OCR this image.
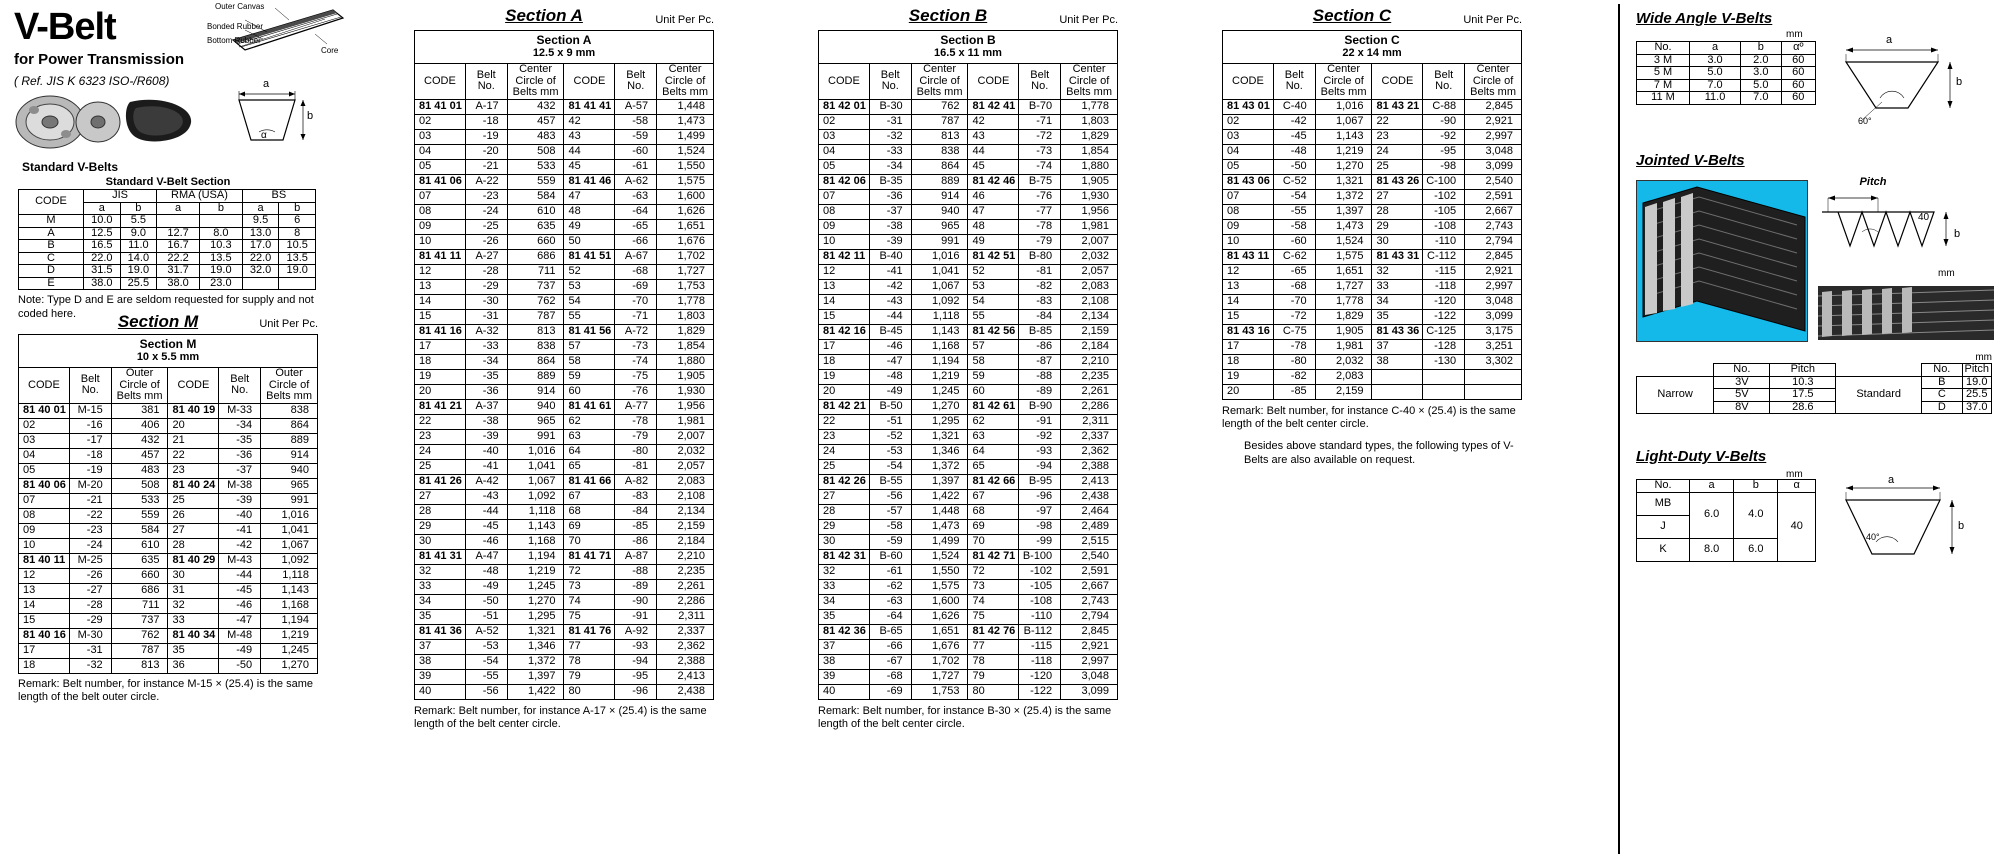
V-Belt
for Power Transmission
( Ref. JIS K 6323 ISO-/R608)
Outer Canvas
Bonded Rubber
Bottom Rubber
Core
a
b
α
Standard V-Belts
Standard V-Belt Section
CODE	JIS		RMA (USA)		BS	
	a	b	a	b	a	b
M	10.0	5.5			9.5	6
A	12.5	9.0	12.7	8.0	13.0	8
B	16.5	11.0	16.7	10.3	17.0	10.5
C	22.0	14.0	22.2	13.5	22.0	13.5
D	31.5	19.0	31.7	19.0	32.0	19.0
E	38.0	25.5	38.0	23.0		
Note: Type D and E are seldom requested for supply and not coded here.	Section M	Unit Per Pc.
Section M					
10 x 5.5 mm					
CODE	Belt No.	Outer Circle of Belts mm	CODE	Belt No.	Outer Circle of Belts mm
81 40 01	M-15	381	81 40 19	M-33	838
02	-16	406	20	-34	864
03	-17	432	21	-35	889
04	-18	457	22	-36	914
05	-19	483	23	-37	940
81 40 06	M-20	508	81 40 24	M-38	965
07	-21	533	25	-39	991
08	-22	559	26	-40	1,016
09	-23	584	27	-41	1,041
10	-24	610	28	-42	1,067
81 40 11	M-25	635	81 40 29	M-43	1,092
12	-26	660	30	-44	1,118
13	-27	686	31	-45	1,143
14	-28	711	32	-46	1,168
15	-29	737	33	-47	1,194
81 40 16	M-30	762	81 40 34	M-48	1,219
17	-31	787	35	-49	1,245
18	-32	813	36	-50	1,270
Remark: Belt number, for instance M-15 × (25.4) is the same length of the belt outer circle.
Section A	Unit Per Pc.
Section A					
12.5 x 9 mm					
CODE	Belt No.	Center Circle of Belts mm	CODE	Belt No.	Center Circle of Belts mm
81 41 01	A-17	432	81 41 41	A-57	1,448
02	-18	457	42	-58	1,473
03	-19	483	43	-59	1,499
04	-20	508	44	-60	1,524
05	-21	533	45	-61	1,550
81 41 06	A-22	559	81 41 46	A-62	1,575
07	-23	584	47	-63	1,600
08	-24	610	48	-64	1,626
09	-25	635	49	-65	1,651
10	-26	660	50	-66	1,676
81 41 11	A-27	686	81 41 51	A-67	1,702
12	-28	711	52	-68	1,727
13	-29	737	53	-69	1,753
14	-30	762	54	-70	1,778
15	-31	787	55	-71	1,803
81 41 16	A-32	813	81 41 56	A-72	1,829
17	-33	838	57	-73	1,854
18	-34	864	58	-74	1,880
19	-35	889	59	-75	1,905
20	-36	914	60	-76	1,930
81 41 21	A-37	940	81 41 61	A-77	1,956
22	-38	965	62	-78	1,981
23	-39	991	63	-79	2,007
24	-40	1,016	64	-80	2,032
25	-41	1,041	65	-81	2,057
81 41 26	A-42	1,067	81 41 66	A-82	2,083
27	-43	1,092	67	-83	2,108
28	-44	1,118	68	-84	2,134
29	-45	1,143	69	-85	2,159
30	-46	1,168	70	-86	2,184
81 41 31	A-47	1,194	81 41 71	A-87	2,210
32	-48	1,219	72	-88	2,235
33	-49	1,245	73	-89	2,261
34	-50	1,270	74	-90	2,286
35	-51	1,295	75	-91	2,311
81 41 36	A-52	1,321	81 41 76	A-92	2,337
37	-53	1,346	77	-93	2,362
38	-54	1,372	78	-94	2,388
39	-55	1,397	79	-95	2,413
40	-56	1,422	80	-96	2,438
Remark: Belt number, for instance A-17 × (25.4) is the same length of the belt center circle.
Section B	Unit Per Pc.
Section B					
16.5 x 11 mm					
CODE	Belt No.	Center Circle of Belts mm	CODE	Belt No.	Center Circle of Belts mm
81 42 01	B-30	762	81 42 41	B-70	1,778
02	-31	787	42	-71	1,803
03	-32	813	43	-72	1,829
04	-33	838	44	-73	1,854
05	-34	864	45	-74	1,880
81 42 06	B-35	889	81 42 46	B-75	1,905
07	-36	914	46	-76	1,930
08	-37	940	47	-77	1,956
09	-38	965	48	-78	1,981
10	-39	991	49	-79	2,007
81 42 11	B-40	1,016	81 42 51	B-80	2,032
12	-41	1,041	52	-81	2,057
13	-42	1,067	53	-82	2,083
14	-43	1,092	54	-83	2,108
15	-44	1,118	55	-84	2,134
81 42 16	B-45	1,143	81 42 56	B-85	2,159
17	-46	1,168	57	-86	2,184
18	-47	1,194	58	-87	2,210
19	-48	1,219	59	-88	2,235
20	-49	1,245	60	-89	2,261
81 42 21	B-50	1,270	81 42 61	B-90	2,286
22	-51	1,295	62	-91	2,311
23	-52	1,321	63	-92	2,337
24	-53	1,346	64	-93	2,362
25	-54	1,372	65	-94	2,388
81 42 26	B-55	1,397	81 42 66	B-95	2,413
27	-56	1,422	67	-96	2,438
28	-57	1,448	68	-97	2,464
29	-58	1,473	69	-98	2,489
30	-59	1,499	70	-99	2,515
81 42 31	B-60	1,524	81 42 71	B-100	2,540
32	-61	1,550	72	-102	2,591
33	-62	1,575	73	-105	2,667
34	-63	1,600	74	-108	2,743
35	-64	1,626	75	-110	2,794
81 42 36	B-65	1,651	81 42 76	B-112	2,845
37	-66	1,676	77	-115	2,921
38	-67	1,702	78	-118	2,997
39	-68	1,727	79	-120	3,048
40	-69	1,753	80	-122	3,099
Remark: Belt number, for instance B-30 × (25.4) is the same length of the belt center circle.
Section C	Unit Per Pc.
Section C					
22 x 14 mm					
CODE	Belt No.	Center Circle of Belts mm	CODE	Belt No.	Center Circle of Belts mm
81 43 01	C-40	1,016	81 43 21	C-88	2,845
02	-42	1,067	22	-90	2,921
03	-45	1,143	23	-92	2,997
04	-48	1,219	24	-95	3,048
05	-50	1,270	25	-98	3,099
81 43 06	C-52	1,321	81 43 26	C-100	2,540
07	-54	1,372	27	-102	2,591
08	-55	1,397	28	-105	2,667
09	-58	1,473	29	-108	2,743
10	-60	1,524	30	-110	2,794
81 43 11	C-62	1,575	81 43 31	C-112	2,845
12	-65	1,651	32	-115	2,921
13	-68	1,727	33	-118	2,997
14	-70	1,778	34	-120	3,048
15	-72	1,829	35	-122	3,099
81 43 16	C-75	1,905	81 43 36	C-125	3,175
17	-78	1,981	37	-128	3,251
18	-80	2,032	38	-130	3,302
19	-82	2,083			
20	-85	2,159			
Remark: Belt number, for instance C-40 × (25.4) is the same length of the belt center circle.
Besides above standard types, the following types of V-Belts are also available on request.
Wide Angle V-Belts
mm
No.	a	b	αº
3 M	3.0	2.0	60
5 M	5.0	3.0	60
7 M	7.0	5.0	60
11 M	11.0	7.0	60
a
b
60°
Jointed V-Belts
Pitch
40
b
mm
mm
	No.	Pitch		No.	Pitch
Narrow	3V	10.3	Standard	B	19.0
	5V	17.5		C	25.5
	8V	28.6		D	37.0
Light-Duty V-Belts
mm
No.	a	b	α
MB	6.0	4.0	40
J			
K	8.0	6.0	
a
b
40°
